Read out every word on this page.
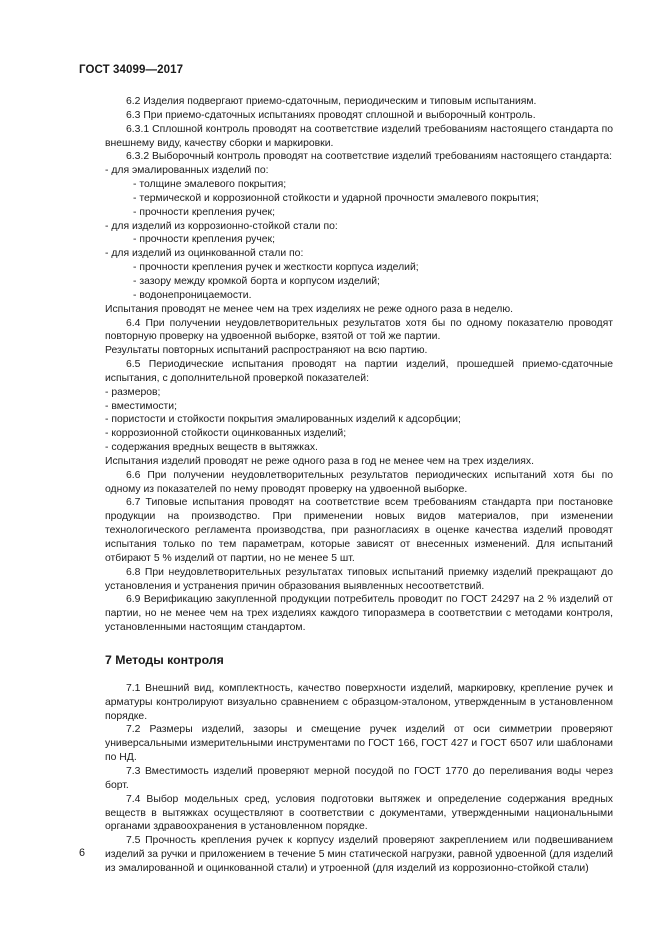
ГОСТ 34099—2017
6.2 Изделия подвергают приемо-сдаточным, периодическим и типовым испытаниям.
6.3 При приемо-сдаточных испытаниях проводят сплошной и выборочный контроль.
6.3.1 Сплошной контроль проводят на соответствие изделий требованиям настоящего стандарта по внешнему виду, качеству сборки и маркировки.
6.3.2 Выборочный контроль проводят на соответствие изделий требованиям настоящего стандарта:
- для эмалированных изделий по:
- толщине эмалевого покрытия;
- термической и коррозионной стойкости и ударной прочности эмалевого покрытия;
- прочности крепления ручек;
- для изделий из коррозионно-стойкой стали по:
- прочности крепления ручек;
- для изделий из оцинкованной стали по:
- прочности крепления ручек и жесткости корпуса изделий;
- зазору между кромкой борта и корпусом изделий;
- водонепроницаемости.
Испытания проводят не менее чем на трех изделиях не реже одного раза в неделю.
6.4 При получении неудовлетворительных результатов хотя бы по одному показателю проводят повторную проверку на удвоенной выборке, взятой от той же партии.
Результаты повторных испытаний распространяют на всю партию.
6.5 Периодические испытания проводят на партии изделий, прошедшей приемо-сдаточные испытания, с дополнительной проверкой показателей:
- размеров;
- вместимости;
- пористости и стойкости покрытия эмалированных изделий к адсорбции;
- коррозионной стойкости оцинкованных изделий;
- содержания вредных веществ в вытяжках.
Испытания изделий проводят не реже одного раза в год не менее чем на трех изделиях.
6.6 При получении неудовлетворительных результатов периодических испытаний хотя бы по одному из показателей по нему проводят проверку на удвоенной выборке.
6.7 Типовые испытания проводят на соответствие всем требованиям стандарта при постановке продукции на производство. При применении новых видов материалов, при изменении технологического регламента производства, при разногласиях в оценке качества изделий проводят испытания только по тем параметрам, которые зависят от внесенных изменений. Для испытаний отбирают 5 % изделий от партии, но не менее 5 шт.
6.8 При неудовлетворительных результатах типовых испытаний приемку изделий прекращают до установления и устранения причин образования выявленных несоответствий.
6.9 Верификацию закупленной продукции потребитель проводит по ГОСТ 24297 на 2 % изделий от партии, но не менее чем на трех изделиях каждого типоразмера в соответствии с методами контроля, установленными настоящим стандартом.
7 Методы контроля
7.1 Внешний вид, комплектность, качество поверхности изделий, маркировку, крепление ручек и арматуры контролируют визуально сравнением с образцом-эталоном, утвержденным в установленном порядке.
7.2 Размеры изделий, зазоры и смещение ручек изделий от оси симметрии проверяют универсальными измерительными инструментами по ГОСТ 166, ГОСТ 427 и ГОСТ 6507 или шаблонами по НД.
7.3 Вместимость изделий проверяют мерной посудой по ГОСТ 1770 до переливания воды через борт.
7.4 Выбор модельных сред, условия подготовки вытяжек и определение содержания вредных веществ в вытяжках осуществляют в соответствии с документами, утвержденными национальными органами здравоохранения в установленном порядке.
7.5 Прочность крепления ручек к корпусу изделий проверяют закреплением или подвешиванием изделий за ручки и приложением в течение 5 мин статической нагрузки, равной удвоенной (для изделий из эмалированной и оцинкованной стали) и утроенной (для изделий из коррозионно-стойкой стали)
6
